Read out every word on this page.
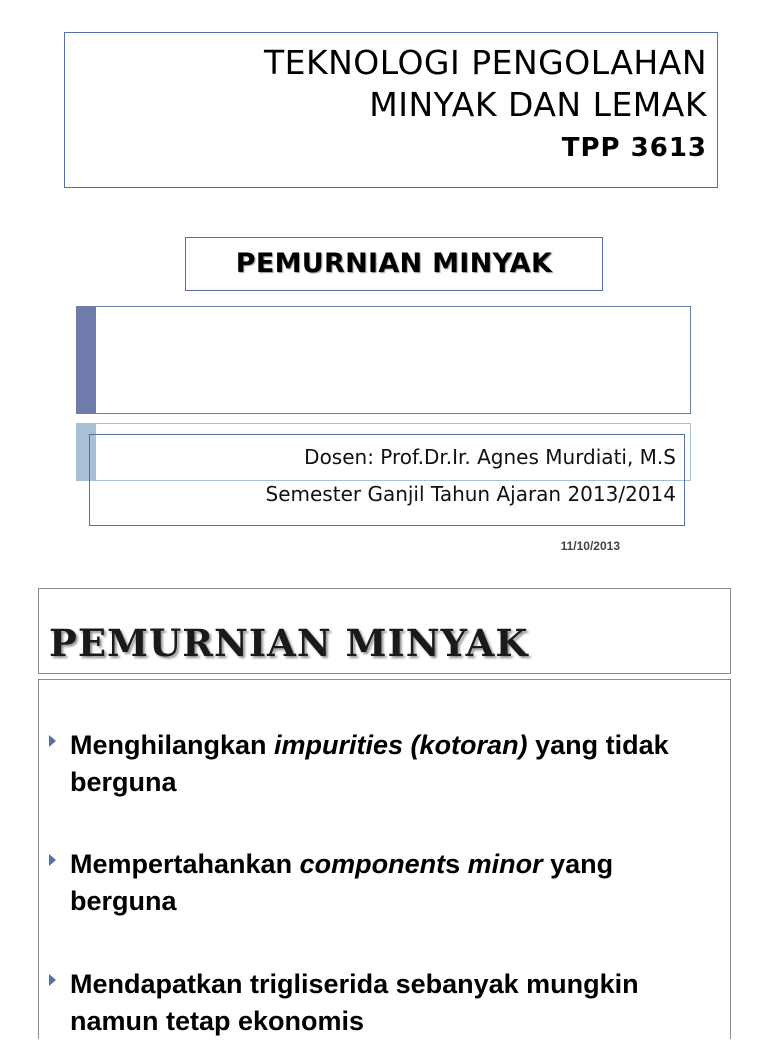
TEKNOLOGI PENGOLAHAN
MINYAK DAN LEMAK
TPP 3613
PEMURNIAN MINYAK
Dosen: Prof.Dr.Ir. Agnes Murdiati, M.S
Semester Ganjil Tahun Ajaran 2013/2014
11/10/2013
PEMURNIAN MINYAK
Menghilangkan impurities (kotoran) yang tidak berguna
Mempertahankan components minor yang berguna
Mendapatkan trigliserida sebanyak mungkin namun tetap ekonomis
